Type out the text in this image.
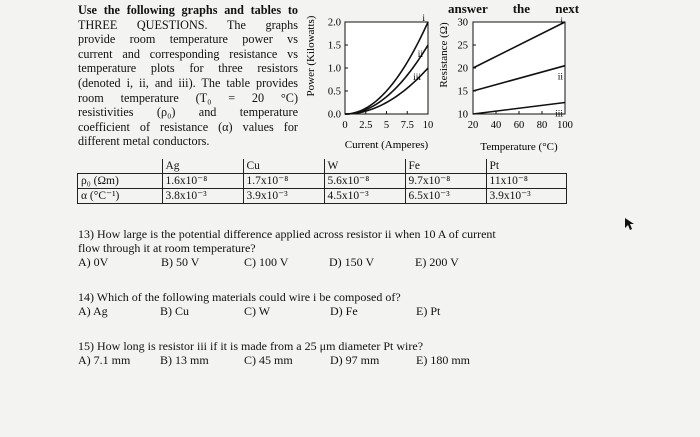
Use the following graphs and tables to
THREE QUESTIONS. The graphs
provide room temperature power vs
current and corresponding resistance vs
temperature plots for three resistors
(denoted i, ii, and iii). The table provides
room temperature (T₀ = 20 °C)
resistivities (ρ₀) and temperature
coefficient of resistance (α) values for
different metal conductors.
answer the next
0.0
0.5
1.0
1.5
2.0
0 2.5 5 7.5 10
Power (Kilowatts)
Current (Amperes)
i
ii
iii
10
15
20
25
30
20 40 60 80 100
Resistance (Ω)
Temperature (°C)
i
ii
iii
	Ag	Cu	W	Fe	Pt
ρ₀ (Ωm)	1.6x10⁻⁸	1.7x10⁻⁸	5.6x10⁻⁸	9.7x10⁻⁸	11x10⁻⁸
α (°C⁻¹)	3.8x10⁻³	3.9x10⁻³	4.5x10⁻³	6.5x10⁻³	3.9x10⁻³
13) How large is the potential difference applied across resistor ii when 10 A of current
flow through it at room temperature?
A) 0V	B) 50 V	C) 100 V	D) 150 V	E) 200 V
14) Which of the following materials could wire i be composed of?
A) Ag	B) Cu	C) W	D) Fe	E) Pt
15) How long is resistor iii if it is made from a 25 μm diameter Pt wire?
A) 7.1 mm B) 13 mm	C) 45 mm	D) 97 mm	E) 180 mm
